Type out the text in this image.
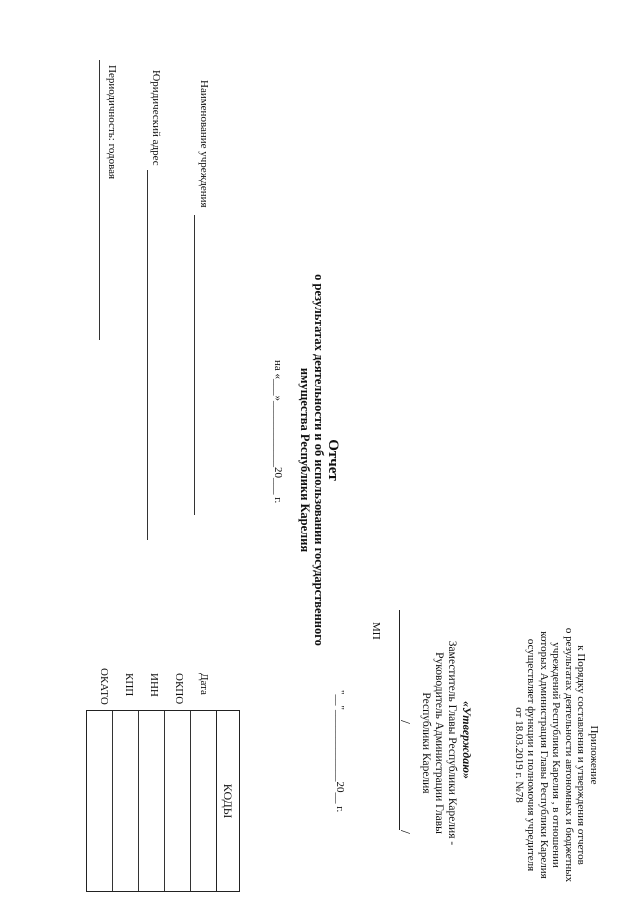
Приложение
к Порядку составления и утверждения отчетов
о результатах деятельности автономных и бюджетных
учреждений Республики Карелия , в отношении
которых Администрация Главы Республики Карелия
осуществляет функции и полномочия учредителя
от 18.03.2019 г. №78
«Утверждаю»
Заместитель Главы Республики Карелия -
Руководитель Администрации Главы
Республики Карелия
/
/
МП
"__"_____________20__ г.
Отчет
о результатах деятельности и об использовании государственного
имущества Республики Карелия
на «___»____________20___ г.
Наименование учреждения
Юридический адрес
Периодичность: годовая
КОДЫ
Дата
ОКПО
ИНН
КПП
ОКАТО
